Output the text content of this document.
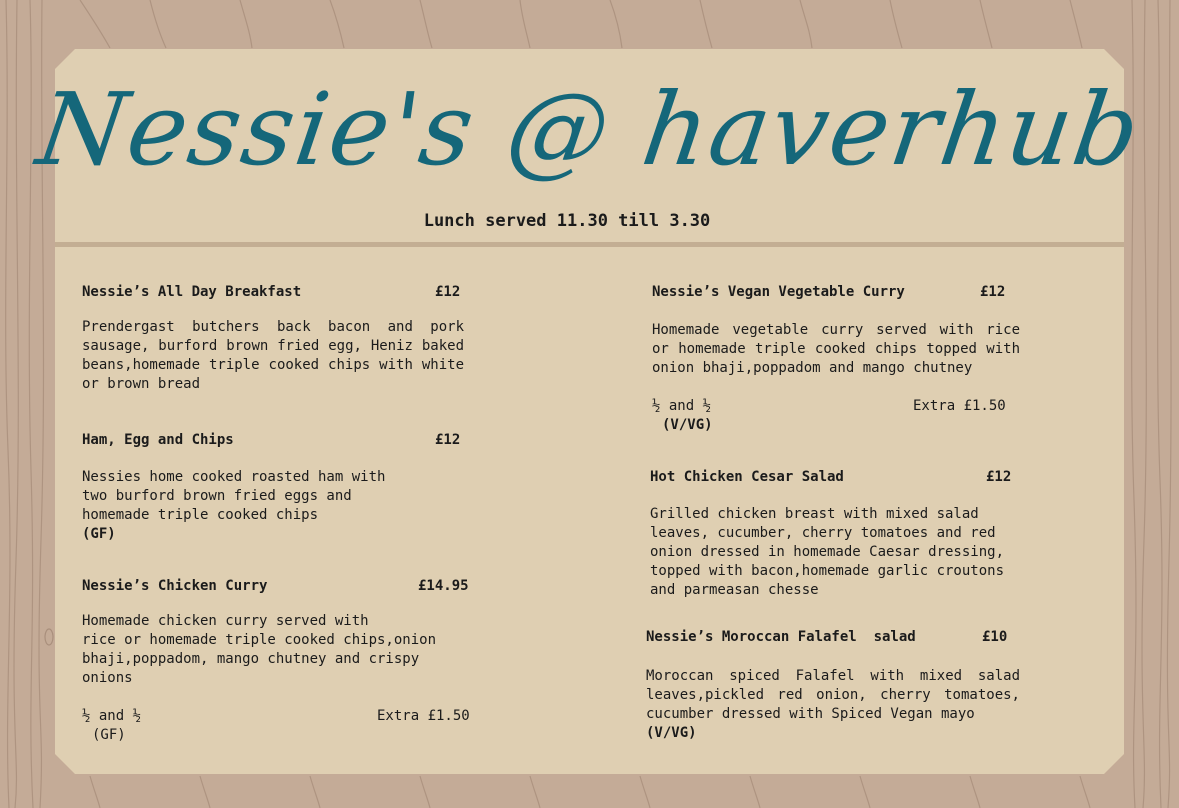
Nessie's @ haverhub
Lunch served 11.30 till 3.30
Nessie’s All Day Breakfast	£12
Prendergast butchers back bacon and pork sausage, burford brown fried egg, Heniz baked beans,homemade triple cooked chips with white or brown bread
Ham, Egg and Chips	£12
Nessies home cooked roasted ham with
two burford brown fried eggs and
homemade triple cooked chips
(GF)
Nessie’s Chicken Curry	£14.95
Homemade chicken curry served with
rice or homemade triple cooked chips,onion
bhaji,poppadom, mango chutney and crispy
onions
½ and ½	Extra £1.50
(GF)
Nessie’s Vegan Vegetable Curry	£12
Homemade vegetable curry served with rice or homemade triple cooked chips topped with onion bhaji,poppadom and mango chutney
½ and ½	Extra £1.50
(V/VG)
Hot Chicken Cesar Salad	£12
Grilled chicken breast with mixed salad
leaves, cucumber, cherry tomatoes and red
onion dressed in homemade Caesar dressing,
topped with bacon,homemade garlic croutons
and parmeasan chesse
Nessie’s Moroccan Falafel  salad	£10
Moroccan spiced Falafel with mixed salad leaves,pickled red onion, cherry tomatoes, cucumber dressed with Spiced Vegan mayo
(V/VG)
